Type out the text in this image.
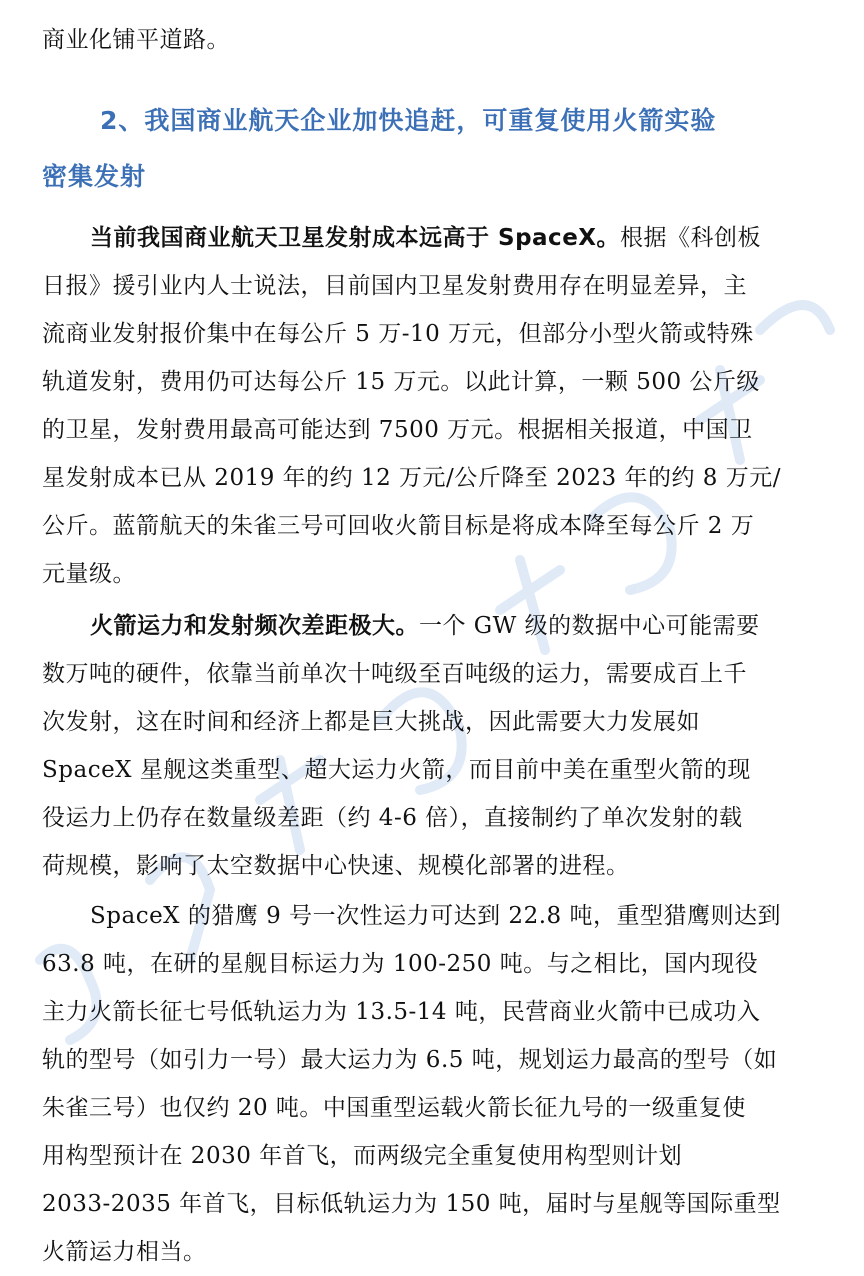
商业化铺平道路。
2、我国商业航天企业加快追赶，可重复使用火箭实验
密集发射
当前我国商业航天卫星发射成本远高于 SpaceX。根据《科创板
日报》援引业内人士说法，目前国内卫星发射费用存在明显差异，主
流商业发射报价集中在每公斤 5 万-10 万元，但部分小型火箭或特殊
轨道发射，费用仍可达每公斤 15 万元。以此计算，一颗 500 公斤级
的卫星，发射费用最高可能达到 7500 万元。根据相关报道，中国卫
星发射成本已从 2019 年的约 12 万元/公斤降至 2023 年的约 8 万元/
公斤。蓝箭航天的朱雀三号可回收火箭目标是将成本降至每公斤 2 万
元量级。
火箭运力和发射频次差距极大。一个 GW 级的数据中心可能需要
数万吨的硬件，依靠当前单次十吨级至百吨级的运力，需要成百上千
次发射，这在时间和经济上都是巨大挑战，因此需要大力发展如
SpaceX 星舰这类重型、超大运力火箭，而目前中美在重型火箭的现
役运力上仍存在数量级差距（约 4-6 倍），直接制约了单次发射的载
荷规模，影响了太空数据中心快速、规模化部署的进程。
SpaceX 的猎鹰 9 号一次性运力可达到 22.8 吨，重型猎鹰则达到
63.8 吨，在研的星舰目标运力为 100-250 吨。与之相比，国内现役
主力火箭长征七号低轨运力为 13.5-14 吨，民营商业火箭中已成功入
轨的型号（如引力一号）最大运力为 6.5 吨，规划运力最高的型号（如
朱雀三号）也仅约 20 吨。中国重型运载火箭长征九号的一级重复使
用构型预计在 2030 年首飞，而两级完全重复使用构型则计划
2033-2035 年首飞，目标低轨运力为 150 吨，届时与星舰等国际重型
火箭运力相当。
